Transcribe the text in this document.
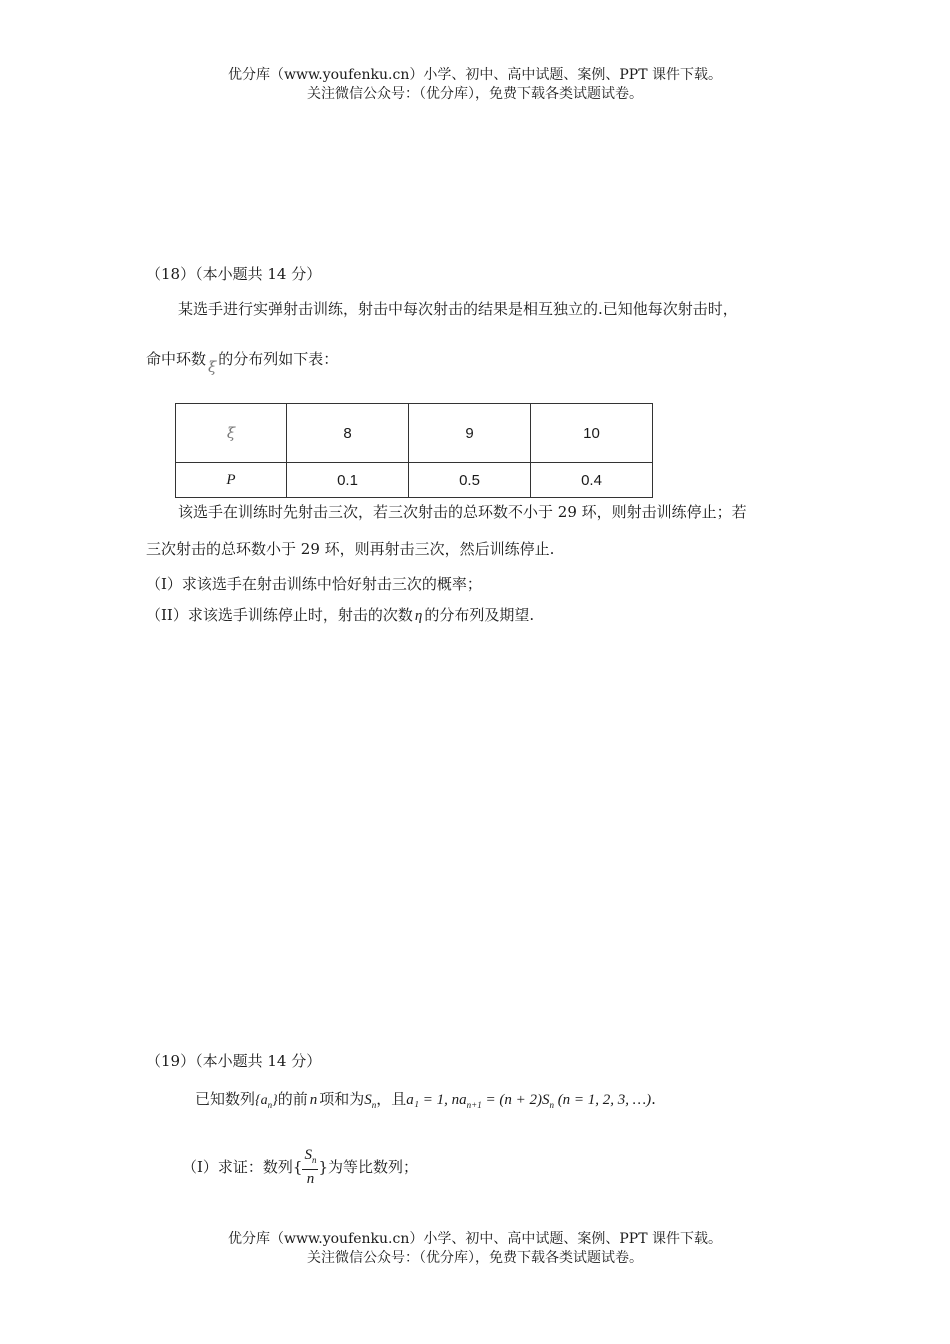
优分库（www.youfenku.cn）小学、初中、高中试题、案例、PPT 课件下载。
关注微信公众号：（优分库），免费下载各类试题试卷。
（18）（本小题共 14 分）
某选手进行实弹射击训练，射击中每次射击的结果是相互独立的.已知他每次射击时，
命中环数 ξ 的分布列如下表：
ξ	8	9	10
P	0.1	0.5	0.4
该选手在训练时先射击三次，若三次射击的总环数不小于 29 环，则射击训练停止；若
三次射击的总环数小于 29 环，则再射击三次，然后训练停止.
（I）求该选手在射击训练中恰好射击三次的概率；
（II）求该选手训练停止时，射击的次数 η 的分布列及期望.
（19）（本小题共 14 分）
已知数列$\{a_n\}$的前 n 项和为$S_n$，且a₁ = 1, $na_{n+1} = (n + 2)S_n$ (n = 1, 2, 3, …).
（I）求证：数列{ $\frac{S_n}{n}$ }为等比数列；
优分库（www.youfenku.cn）小学、初中、高中试题、案例、PPT 课件下载。
关注微信公众号：（优分库），免费下载各类试题试卷。
